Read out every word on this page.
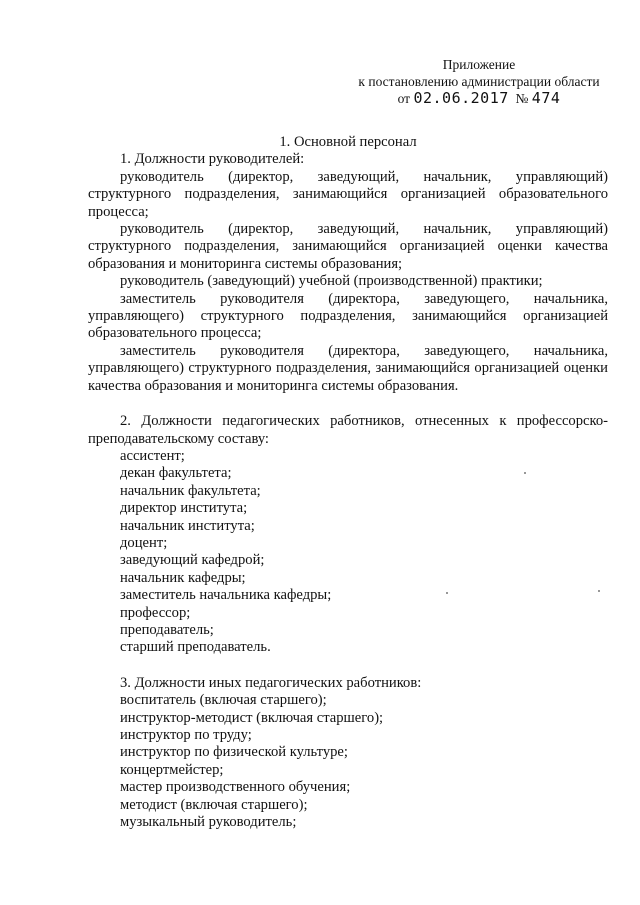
Приложение
к постановлению администрации области
от 02.06.2017 № 474
1. Основной персонал

1. Должности руководителей:

руководитель (директор, заведующий, начальник, управляющий) структурного подразделения, занимающийся организацией образовательного процесса;

руководитель (директор, заведующий, начальник, управляющий) структурного подразделения, занимающийся организацией оценки качества образования и мониторинга системы образования;

руководитель (заведующий) учебной (производственной) практики;

заместитель руководителя (директора, заведующего, начальника, управляющего) структурного подразделения, занимающийся организацией образовательного процесса;

заместитель руководителя (директора, заведующего, начальника, управляющего) структурного подразделения, занимающийся организацией оценки качества образования и мониторинга системы образования.

2. Должности педагогических работников, отнесенных к профессорско-преподавательскому составу:

ассистент;

декан факультета;

начальник факультета;

директор института;

начальник института;

доцент;

заведующий кафедрой;

начальник кафедры;

заместитель начальника кафедры;

профессор;

преподаватель;

старший преподаватель.

3. Должности иных педагогических работников:

воспитатель (включая старшего);

инструктор-методист (включая старшего);

инструктор по труду;

инструктор по физической культуре;

концертмейстер;

мастер производственного обучения;

методист (включая старшего);

музыкальный руководитель;
